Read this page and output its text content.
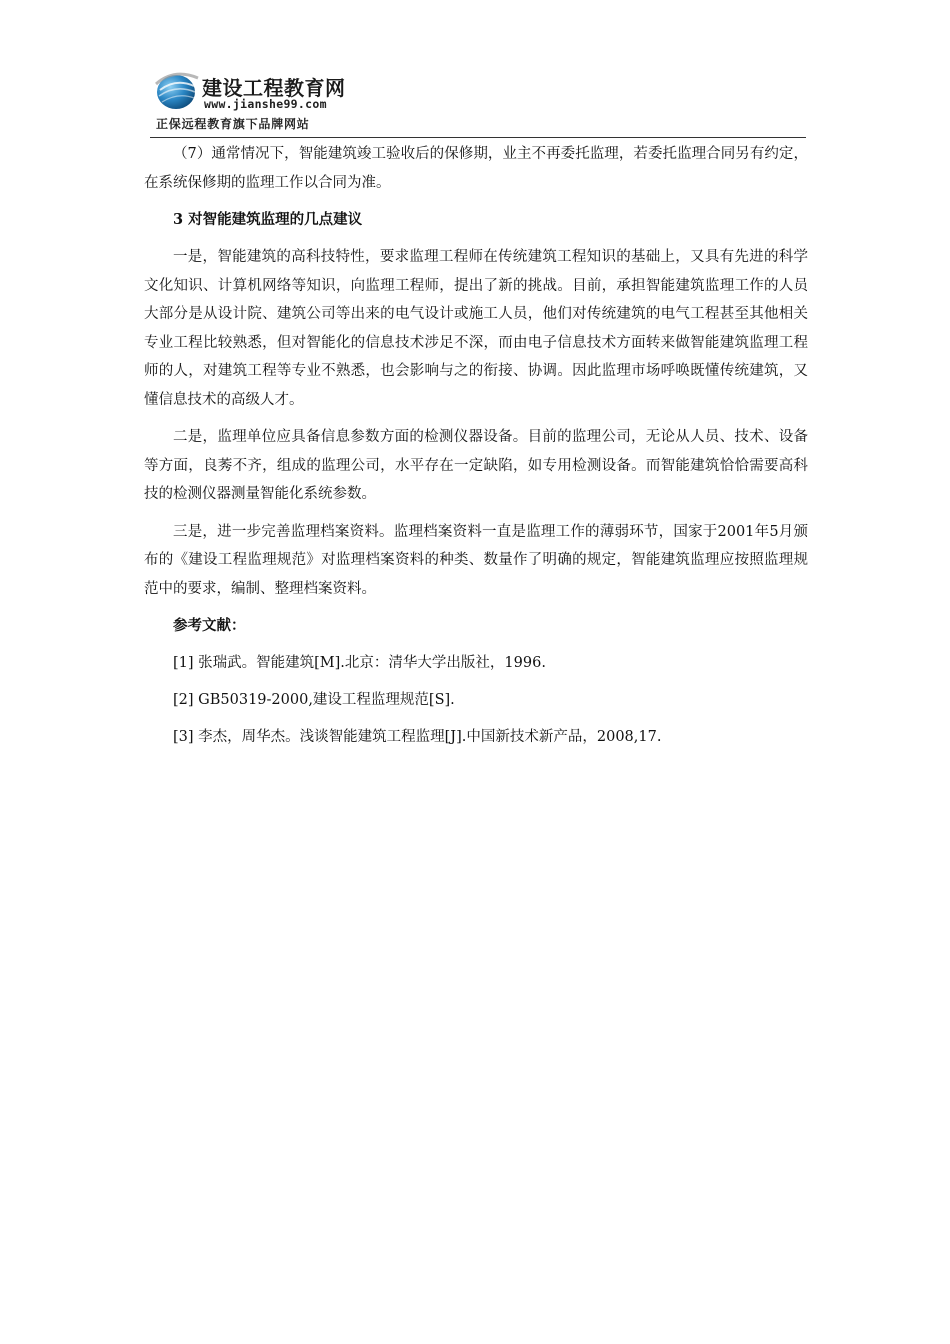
建设工程教育网
www.jianshe99.com
正保远程教育旗下品牌网站

（7）通常情况下，智能建筑竣工验收后的保修期，业主不再委托监理，若委托监理合同另有约定，在系统保修期的监理工作以合同为准。

3 对智能建筑监理的几点建议

一是，智能建筑的高科技特性，要求监理工程师在传统建筑工程知识的基础上，又具有先进的科学文化知识、计算机网络等知识，向监理工程师，提出了新的挑战。目前，承担智能建筑监理工作的人员大部分是从设计院、建筑公司等出来的电气设计或施工人员，他们对传统建筑的电气工程甚至其他相关专业工程比较熟悉，但对智能化的信息技术涉足不深，而由电子信息技术方面转来做智能建筑监理工程师的人，对建筑工程等专业不熟悉，也会影响与之的衔接、协调。因此监理市场呼唤既懂传统建筑，又懂信息技术的高级人才。

二是，监理单位应具备信息参数方面的检测仪器设备。目前的监理公司，无论从人员、技术、设备等方面，良莠不齐，组成的监理公司，水平存在一定缺陷，如专用检测设备。而智能建筑恰恰需要高科技的检测仪器测量智能化系统参数。

三是，进一步完善监理档案资料。监理档案资料一直是监理工作的薄弱环节，国家于2001年5月颁布的《建设工程监理规范》对监理档案资料的种类、数量作了明确的规定，智能建筑监理应按照监理规范中的要求，编制、整理档案资料。

参考文献：

[1] 张瑞武。智能建筑[M].北京：清华大学出版社，1996.

[2] GB50319-2000,建设工程监理规范[S].

[3] 李杰，周华杰。浅谈智能建筑工程监理[J].中国新技术新产品，2008,17.
